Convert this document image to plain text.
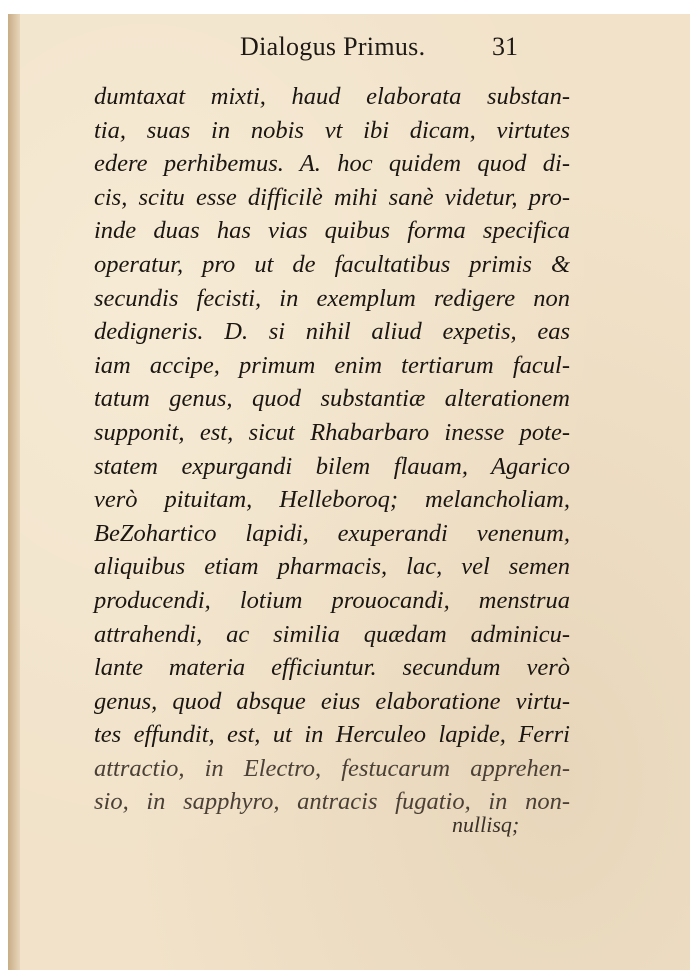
Dialogus Primus.	31
dumtaxat mixti, haud elaborata substan-
tia, suas in nobis vt ibi dicam, virtutes
edere perhibemus. A. hoc quidem quod di-
cis, scitu esse difficilè mihi sanè videtur, pro-
inde duas has vias quibus forma specifica
operatur, pro ut de facultatibus primis &
secundis fecisti, in exemplum redigere non
dedigneris. D. si nihil aliud expetis, eas
iam accipe, primum enim tertiarum facul-
tatum genus, quod substantiæ alterationem
supponit, est, sicut Rhabarbaro inesse pote-
statem expurgandi bilem flauam, Agarico
verò pituitam, Helleboroq; melancholiam,
BeZohartico lapidi, exuperandi venenum,
aliquibus etiam pharmacis, lac, vel semen
producendi, lotium prouocandi, menstrua
attrahendi, ac similia quædam adminicu-
lante materia efficiuntur. secundum verò
genus, quod absque eius elaboratione virtu-
tes effundit, est, ut in Herculeo lapide, Ferri
attractio, in Electro, festucarum apprehen-
sio, in sapphyro, antracis fugatio, in non-
nullisq;
